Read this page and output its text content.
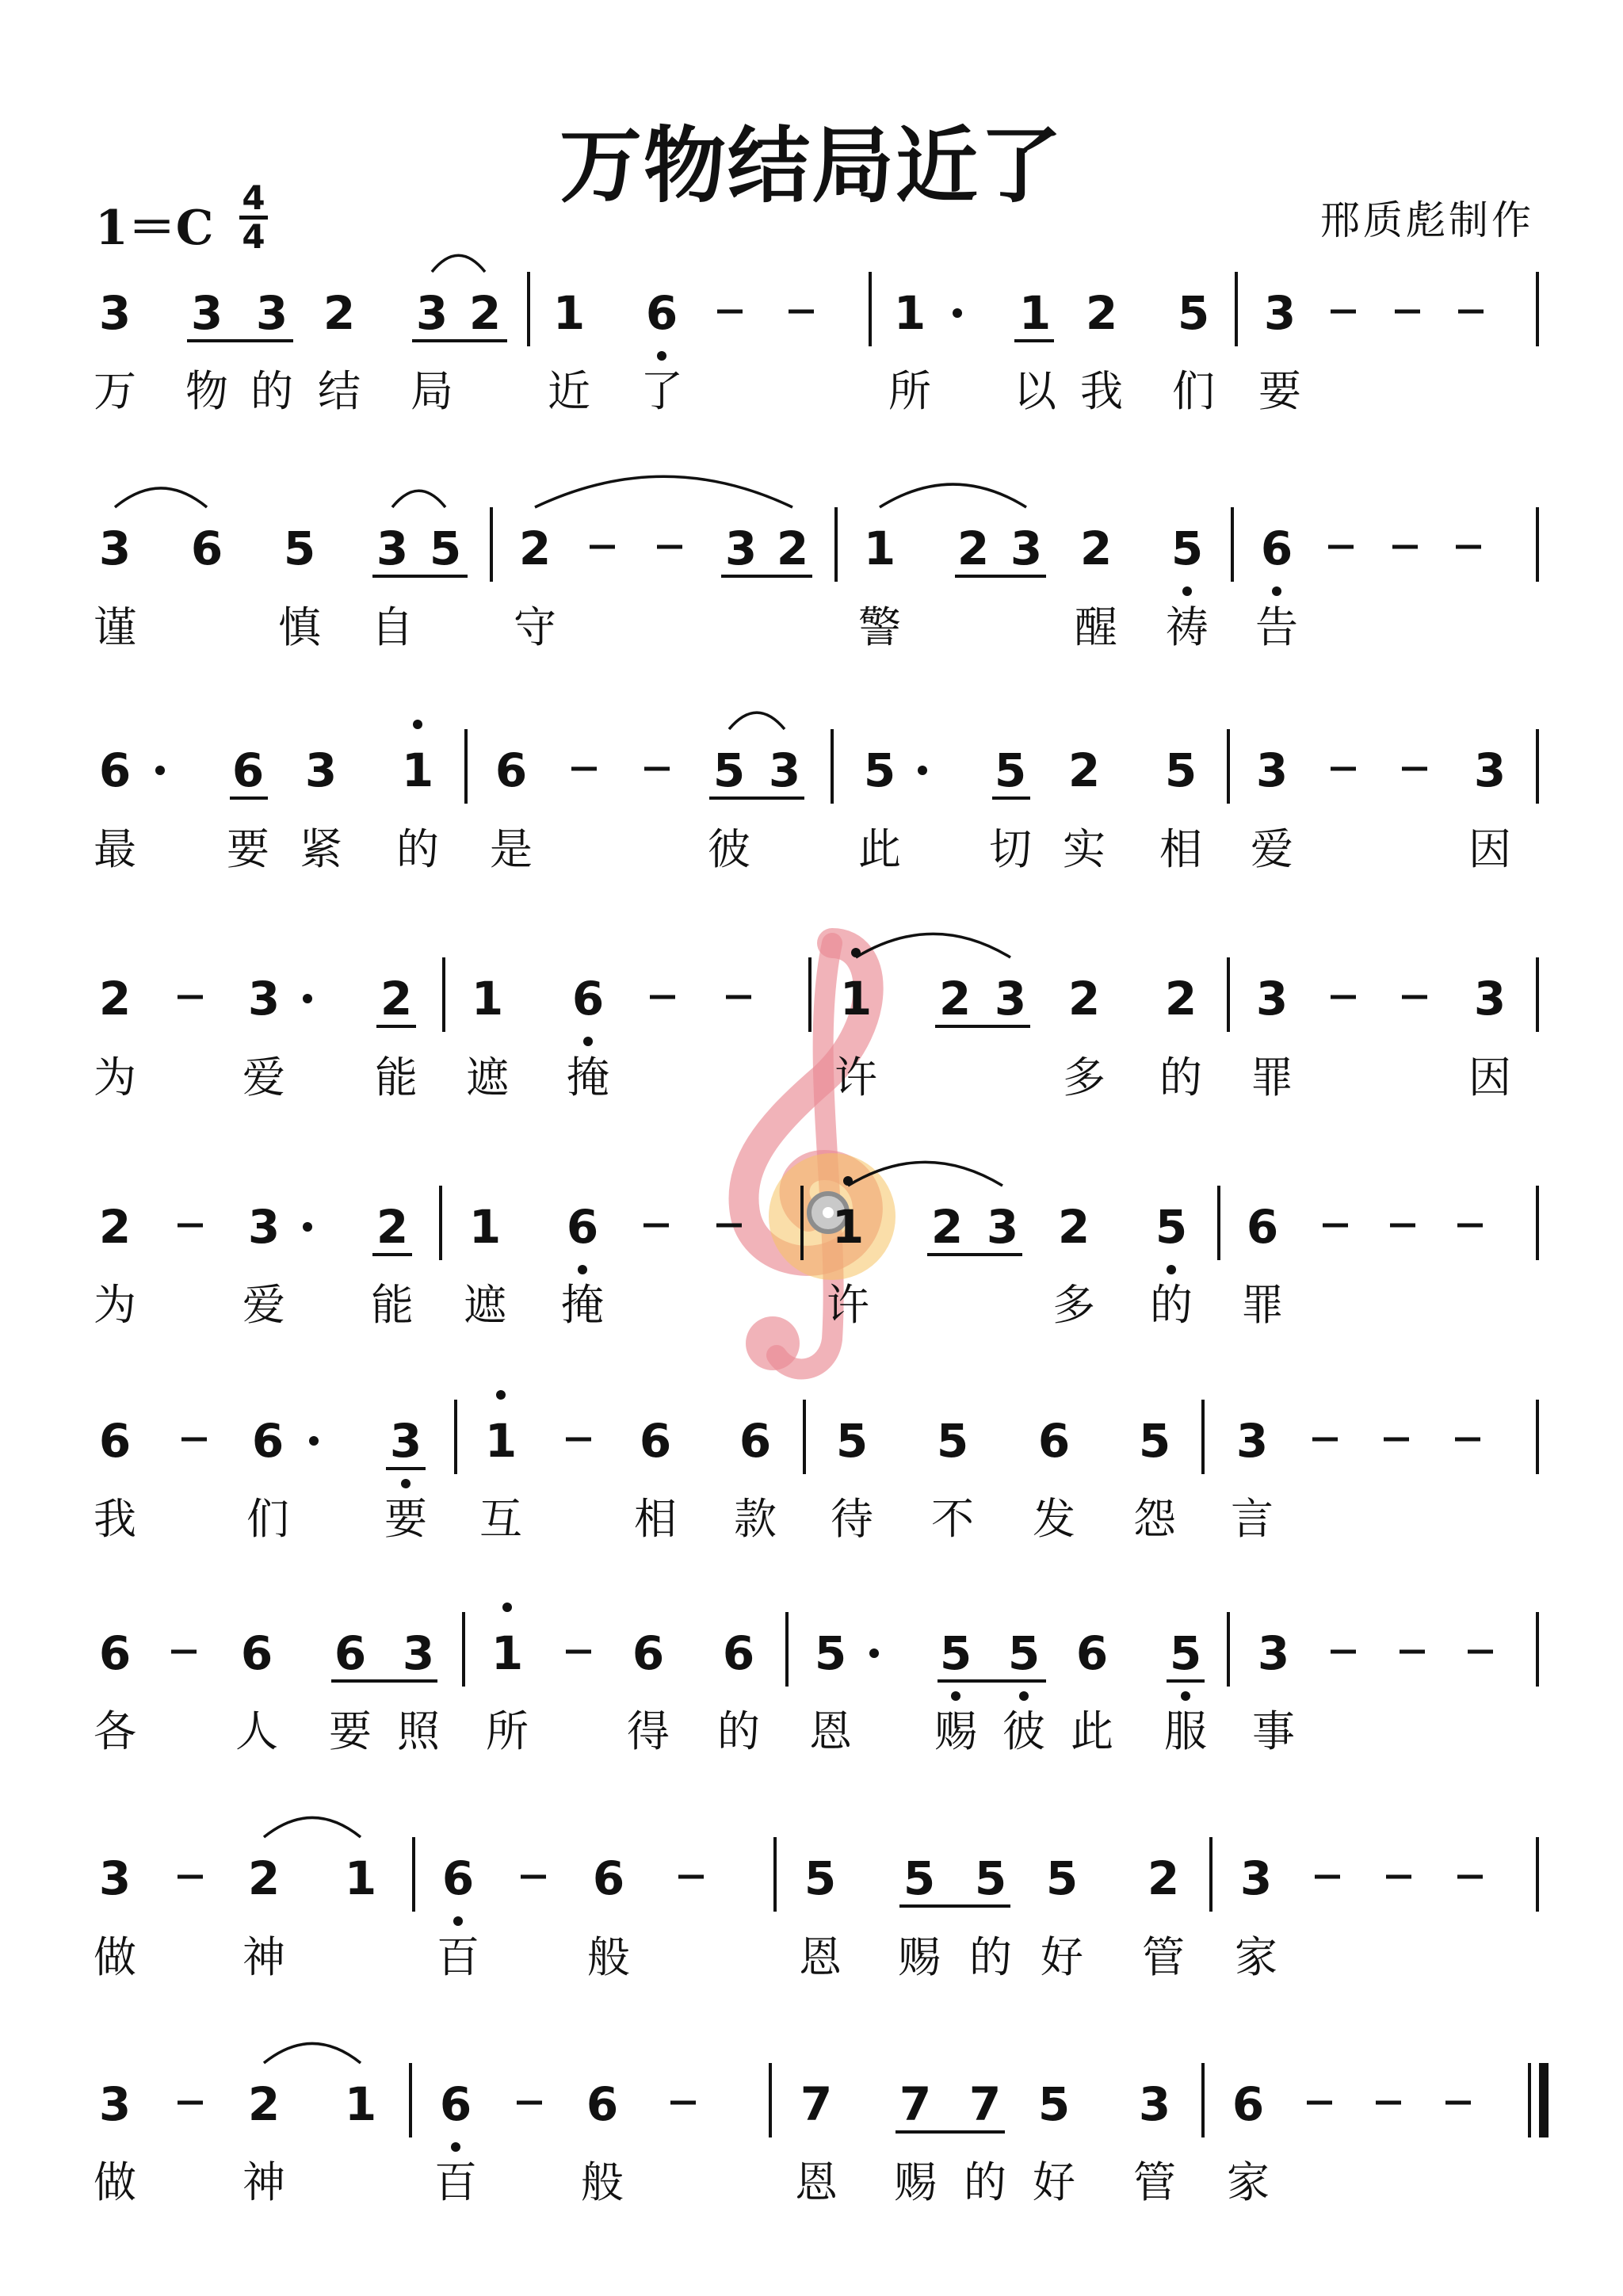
万物结局近了
1＝C
4
4	邢质彪制作
3 3 3 2 3 2 1 6	1 1 2 5 3
万 物 的 结 局 近 了	所 以 我 们 要
3 6 5 3 5 2	3 2 1 2 3 2 5 6
谨	慎 自 守	警	醒 祷 告
6 6 3 1 6	5 3 5 5 2 5 3	3
最 要 紧 的 是	彼	此 切 实 相 爱	因
2	3 2 1 6	1 2 3 2 2 3	3
为 爱 能 遮 掩	许	多 的 罪	因
2	3 2 1 6	1 2 3 2 5 6
为 爱 能 遮 掩	许	多 的 罪
6	6 3 1	6 6 5 5 6 5 3
我	们 要 互	相 款 待 不 发 怨 言
6 6 6 3 1 6 6 5 5 5 6 5 3
各 人 要 照 所 得 的 恩 赐 彼 此 服 事
3	2 1 6	6	5 5 5 5 2 3
做 神	百	般	恩 赐 的 好 管 家
3	2 1 6 6	7 7 7 5 3 6
做 神	百 般	恩 赐 的 好 管 家
